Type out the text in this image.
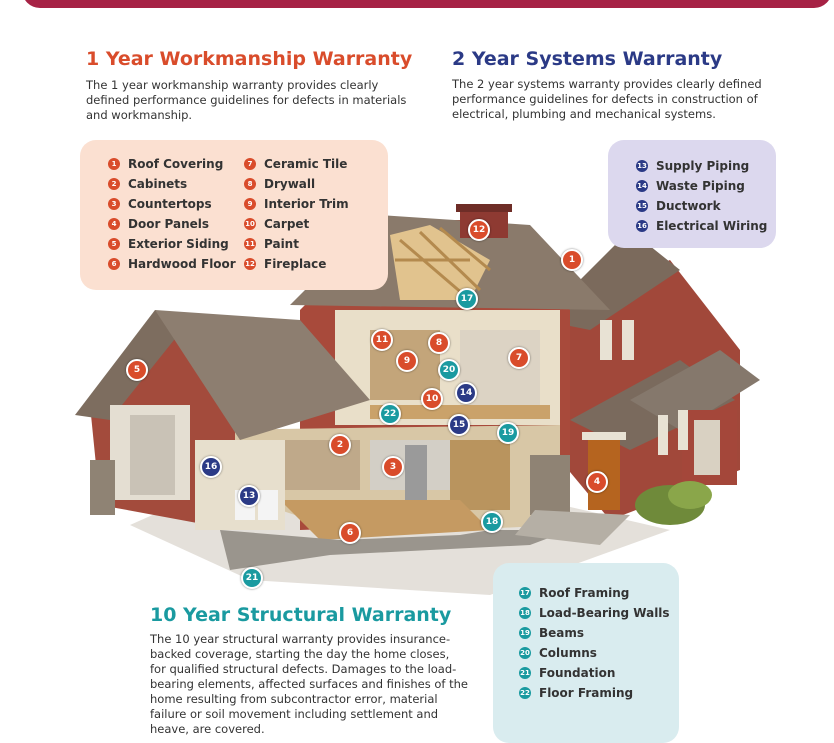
1 Year Workmanship Warranty
The 1 year workmanship warranty provides clearly defined performance guidelines for defects in materials and workmanship.
2 Year Systems Warranty
The 2 year systems warranty provides clearly defined performance guidelines for defects in construction of electrical, plumbing and mechanical systems.
1 Roof Covering
2 Cabinets
3 Countertops
4 Door Panels
5 Exterior Siding
6 Hardwood Floor
7 Ceramic Tile
8 Drywall
9 Interior Trim
10 Carpet
11 Paint
12 Fireplace
13 Supply Piping
14 Waste Piping
15 Ductwork
16 Electrical Wiring
17 Roof Framing
18 Load-Bearing Walls
19 Beams
20 Columns
21 Foundation
22 Floor Framing
10 Year Structural Warranty
The 10 year structural warranty provides insurance-backed coverage, starting the day the home closes, for qualified structural defects. Damages to the load-bearing elements, affected surfaces and finishes of the home resulting from subcontractor error, material failure or soil movement including settlement and heave, are covered.
1
2
3
4
5
6
7
8
9
10
11
12
13
14
15
16
17
18
19
20
21
22
